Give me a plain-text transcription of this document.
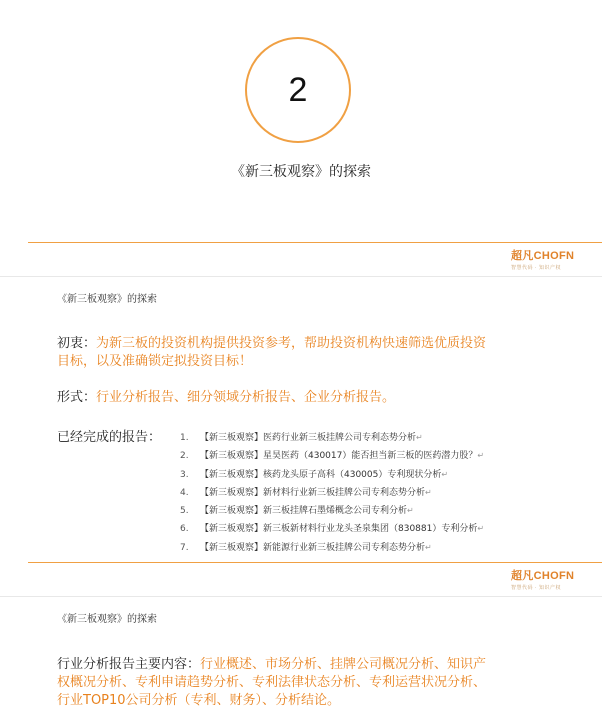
2
《新三板观察》的探索
超凡CHOFN
智慧代码 · 知识产权
《新三板观察》的探索
初衷：为新三板的投资机构提供投资参考，帮助投资机构快速筛选优质投资
目标，以及准确锁定拟投资目标！
形式：行业分析报告、细分领域分析报告、企业分析报告。
已经完成的报告： 1. 【新三板观察】医药行业新三板挂牌公司专利态势分析↵
2. 【新三板观察】星昊医药（430017）能否担当新三板的医药潜力股？↵
3. 【新三板观察】核药龙头原子高科（430005）专利现状分析↵
4. 【新三板观察】新材料行业新三板挂牌公司专利态势分析↵
5. 【新三板观察】新三板挂牌石墨烯概念公司专利分析↵
6. 【新三板观察】新三板新材料行业龙头圣泉集团（830881）专利分析↵
7. 【新三板观察】新能源行业新三板挂牌公司专利态势分析↵
超凡CHOFN
智慧代码 · 知识产权
《新三板观察》的探索
行业分析报告主要内容：行业概述、市场分析、挂牌公司概况分析、知识产
权概况分析、专利申请趋势分析、专利法律状态分析、专利运营状况分析、
行业TOP10公司分析（专利、财务）、分析结论。
